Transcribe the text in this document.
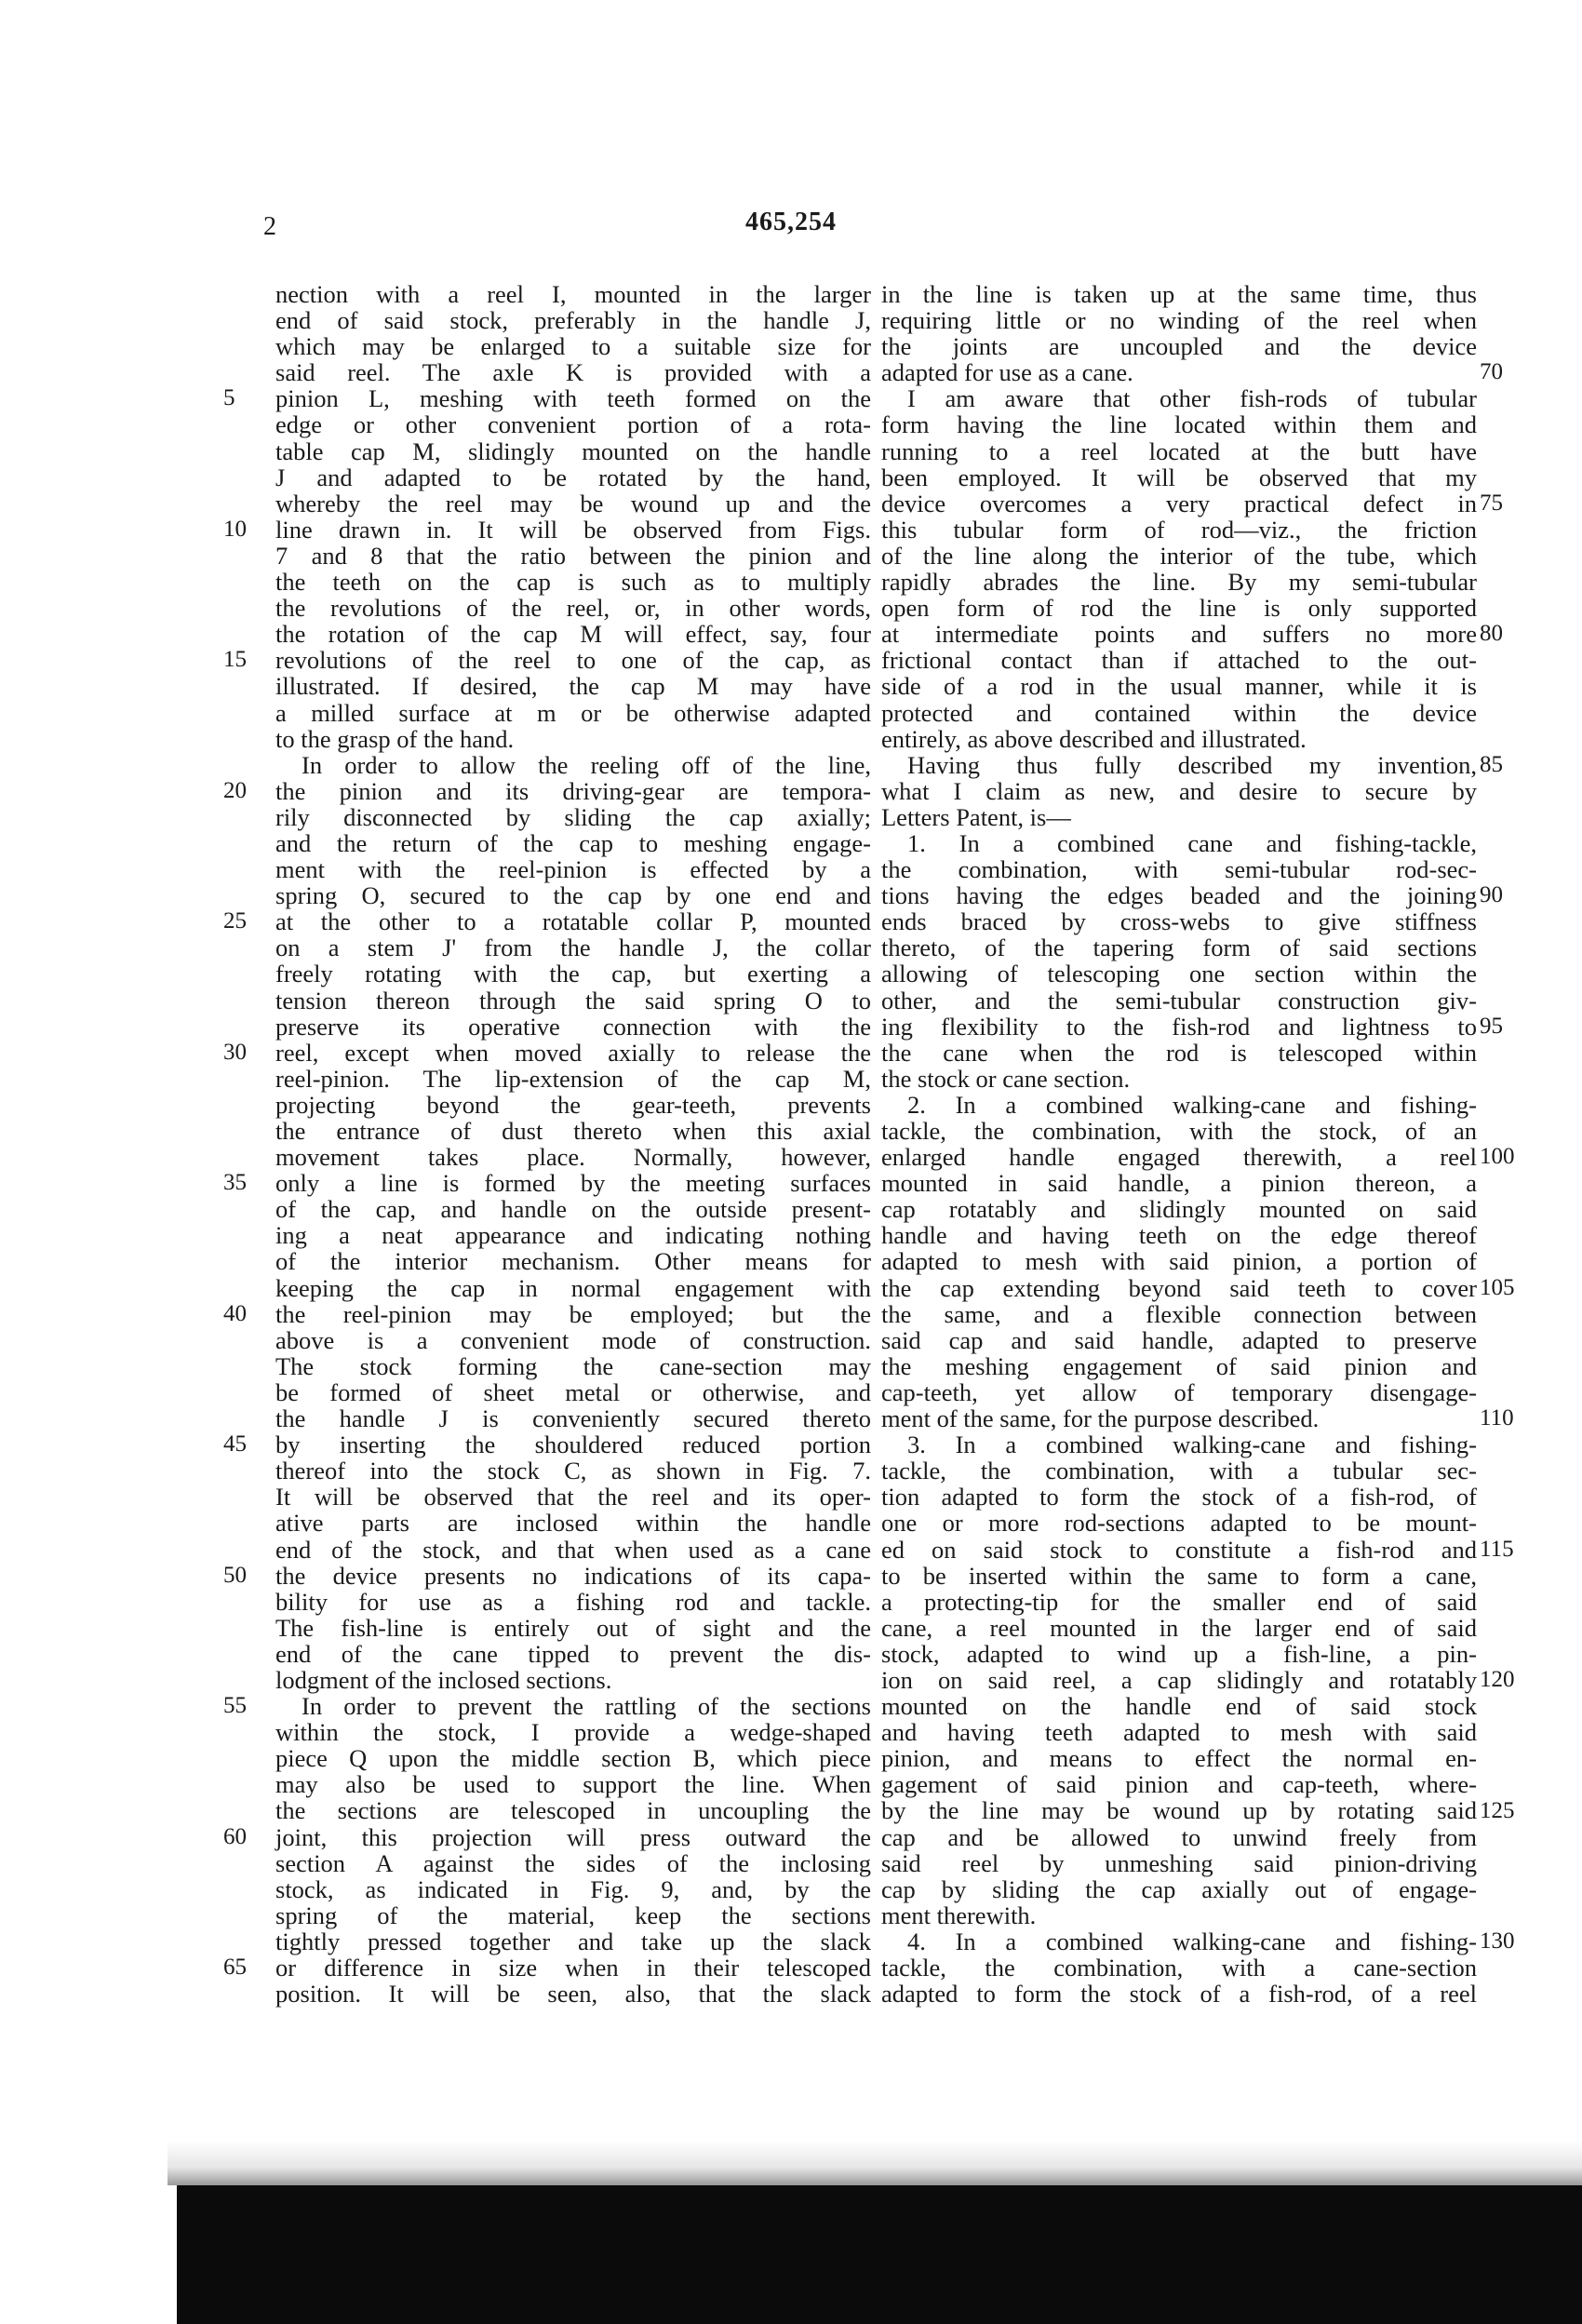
2	465,254
nection with a reel I, mounted in the larger
end of said stock, preferably in the handle J,
which may be enlarged to a suitable size for
said reel. The axle K is provided with a
pinion L, meshing with teeth formed on the
edge or other convenient portion of a rota-
table cap M, slidingly mounted on the handle
J and adapted to be rotated by the hand,
whereby the reel may be wound up and the
line drawn in. It will be observed from Figs.
7 and 8 that the ratio between the pinion and
the teeth on the cap is such as to multiply
the revolutions of the reel, or, in other words,
the rotation of the cap M will effect, say, four
revolutions of the reel to one of the cap, as
illustrated. If desired, the cap M may have
a milled surface at m or be otherwise adapted
to the grasp of the hand.
In order to allow the reeling off of the line,
the pinion and its driving-gear are tempora-
rily disconnected by sliding the cap axially;
and the return of the cap to meshing engage-
ment with the reel-pinion is effected by a
spring O, secured to the cap by one end and
at the other to a rotatable collar P, mounted
on a stem J' from the handle J, the collar
freely rotating with the cap, but exerting a
tension thereon through the said spring O to
preserve its operative connection with the
reel, except when moved axially to release the
reel-pinion. The lip-extension of the cap M,
projecting beyond the gear-teeth, prevents
the entrance of dust thereto when this axial
movement takes place. Normally, however,
only a line is formed by the meeting surfaces
of the cap, and handle on the outside present-
ing a neat appearance and indicating nothing
of the interior mechanism. Other means for
keeping the cap in normal engagement with
the reel-pinion may be employed; but the
above is a convenient mode of construction.
The stock forming the cane-section may
be formed of sheet metal or otherwise, and
the handle J is conveniently secured thereto
by inserting the shouldered reduced portion
thereof into the stock C, as shown in Fig. 7.
It will be observed that the reel and its oper-
ative parts are inclosed within the handle
end of the stock, and that when used as a cane
the device presents no indications of its capa-
bility for use as a fishing rod and tackle.
The fish-line is entirely out of sight and the
end of the cane tipped to prevent the dis-
lodgment of the inclosed sections.
In order to prevent the rattling of the sections
within the stock, I provide a wedge-shaped
piece Q upon the middle section B, which piece
may also be used to support the line. When
the sections are telescoped in uncoupling the
joint, this projection will press outward the
section A against the sides of the inclosing
stock, as indicated in Fig. 9, and, by the
spring of the material, keep the sections
tightly pressed together and take up the slack
or difference in size when in their telescoped
position. It will be seen, also, that the slack
in the line is taken up at the same time, thus
requiring little or no winding of the reel when
the joints are uncoupled and the device
adapted for use as a cane.
I am aware that other fish-rods of tubular
form having the line located within them and
running to a reel located at the butt have
been employed. It will be observed that my
device overcomes a very practical defect in
this tubular form of rod—viz., the friction
of the line along the interior of the tube, which
rapidly abrades the line. By my semi-tubular
open form of rod the line is only supported
at intermediate points and suffers no more
frictional contact than if attached to the out-
side of a rod in the usual manner, while it is
protected and contained within the device
entirely, as above described and illustrated.
Having thus fully described my invention,
what I claim as new, and desire to secure by
Letters Patent, is—
1. In a combined cane and fishing-tackle,
the combination, with semi-tubular rod-sec-
tions having the edges beaded and the joining
ends braced by cross-webs to give stiffness
thereto, of the tapering form of said sections
allowing of telescoping one section within the
other, and the semi-tubular construction giv-
ing flexibility to the fish-rod and lightness to
the cane when the rod is telescoped within
the stock or cane section.
2. In a combined walking-cane and fishing-
tackle, the combination, with the stock, of an
enlarged handle engaged therewith, a reel
mounted in said handle, a pinion thereon, a
cap rotatably and slidingly mounted on said
handle and having teeth on the edge thereof
adapted to mesh with said pinion, a portion of
the cap extending beyond said teeth to cover
the same, and a flexible connection between
said cap and said handle, adapted to preserve
the meshing engagement of said pinion and
cap-teeth, yet allow of temporary disengage-
ment of the same, for the purpose described.
3. In a combined walking-cane and fishing-
tackle, the combination, with a tubular sec-
tion adapted to form the stock of a fish-rod, of
one or more rod-sections adapted to be mount-
ed on said stock to constitute a fish-rod and
to be inserted within the same to form a cane,
a protecting-tip for the smaller end of said
cane, a reel mounted in the larger end of said
stock, adapted to wind up a fish-line, a pin-
ion on said reel, a cap slidingly and rotatably
mounted on the handle end of said stock
and having teeth adapted to mesh with said
pinion, and means to effect the normal en-
gagement of said pinion and cap-teeth, where-
by the line may be wound up by rotating said
cap and be allowed to unwind freely from
said reel by unmeshing said pinion-driving
cap by sliding the cap axially out of engage-
ment therewith.
4. In a combined walking-cane and fishing-
tackle, the combination, with a cane-section
adapted to form the stock of a fish-rod, of a reel
5
10
15
20
25
30
35
40
45
50
55
60
65
70
75
80
85
90
95
100
105
110
115
120
125
130
